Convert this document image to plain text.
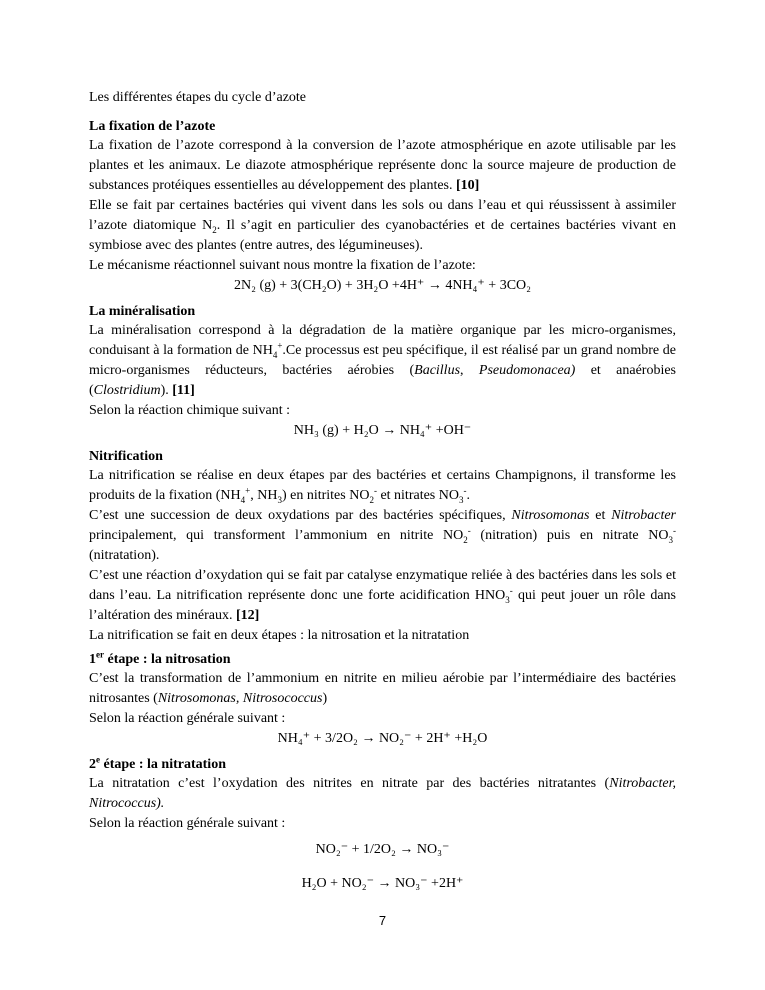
Les différentes étapes du cycle d’azote

La fixation de l’azote

La fixation de l’azote correspond à la conversion de l’azote atmosphérique en azote utilisable par les plantes et les animaux. Le diazote atmosphérique représente donc la source majeure de production de substances protéiques essentielles au développement des plantes. [10]

Elle se fait par certaines bactéries qui vivent dans les sols ou dans l’eau et qui réussissent à assimiler l’azote diatomique $N_2$. Il s’agit en particulier des cyanobactéries et de certaines bactéries vivant en symbiose avec des plantes (entre autres, des légumineuses).

Le mécanisme réactionnel suivant nous montre la fixation de l’azote:

2N₂ (g) + 3(CH₂O) + 3H₂O +4H⁺ → 4NH₄⁺ + 3CO₂

La minéralisation

La minéralisation correspond à la dégradation de la matière organique par les micro-organismes, conduisant à la formation de $NH_4^+.Ce$ processus est peu spécifique, il est réalisé par un grand nombre de micro-organismes réducteurs, bactéries aérobies (Bacillus, Pseudomonacea) et anaérobies (Clostridium). [11]

Selon la réaction chimique suivant :

NH₃ (g) + H₂O → NH₄⁺ +OH⁻

Nitrification

La nitrification se réalise en deux étapes par des bactéries et certains Champignons, il transforme les produits de la fixation ($NH_4^+$, $NH_3$) en nitrites $NO_2^-$ et nitrates $NO_3^-$.

C’est une succession de deux oxydations par des bactéries spécifiques, Nitrosomonas et Nitrobacter principalement, qui transforment l’ammonium en nitrite $NO_2^-$ (nitration) puis en nitrate $NO_3^-$ (nitratation).

C’est une réaction d’oxydation qui se fait par catalyse enzymatique reliée à des bactéries dans les sols et dans l’eau. La nitrification représente donc une forte acidification $HNO_3^-$ qui peut jouer un rôle dans l’altération des minéraux. [12]

La nitrification se fait en deux étapes : la nitrosation et la nitratation

1er étape : la nitrosation

C’est la transformation de l’ammonium en nitrite en milieu aérobie par l’intermédiaire des bactéries nitrosantes (Nitrosomonas, Nitrosococcus)

Selon la réaction générale suivant :

NH₄⁺ + 3/2O₂ → NO₂⁻ + 2H⁺ +H₂O

2e étape : la nitratation

La nitratation c’est l’oxydation des nitrites en nitrate par des bactéries nitratantes (Nitrobacter, Nitrococcus).

Selon la réaction générale suivant :

NO₂⁻ + 1/2O₂ → NO₃⁻

H₂O + NO₂⁻ → NO₃⁻ +2H⁺

7
